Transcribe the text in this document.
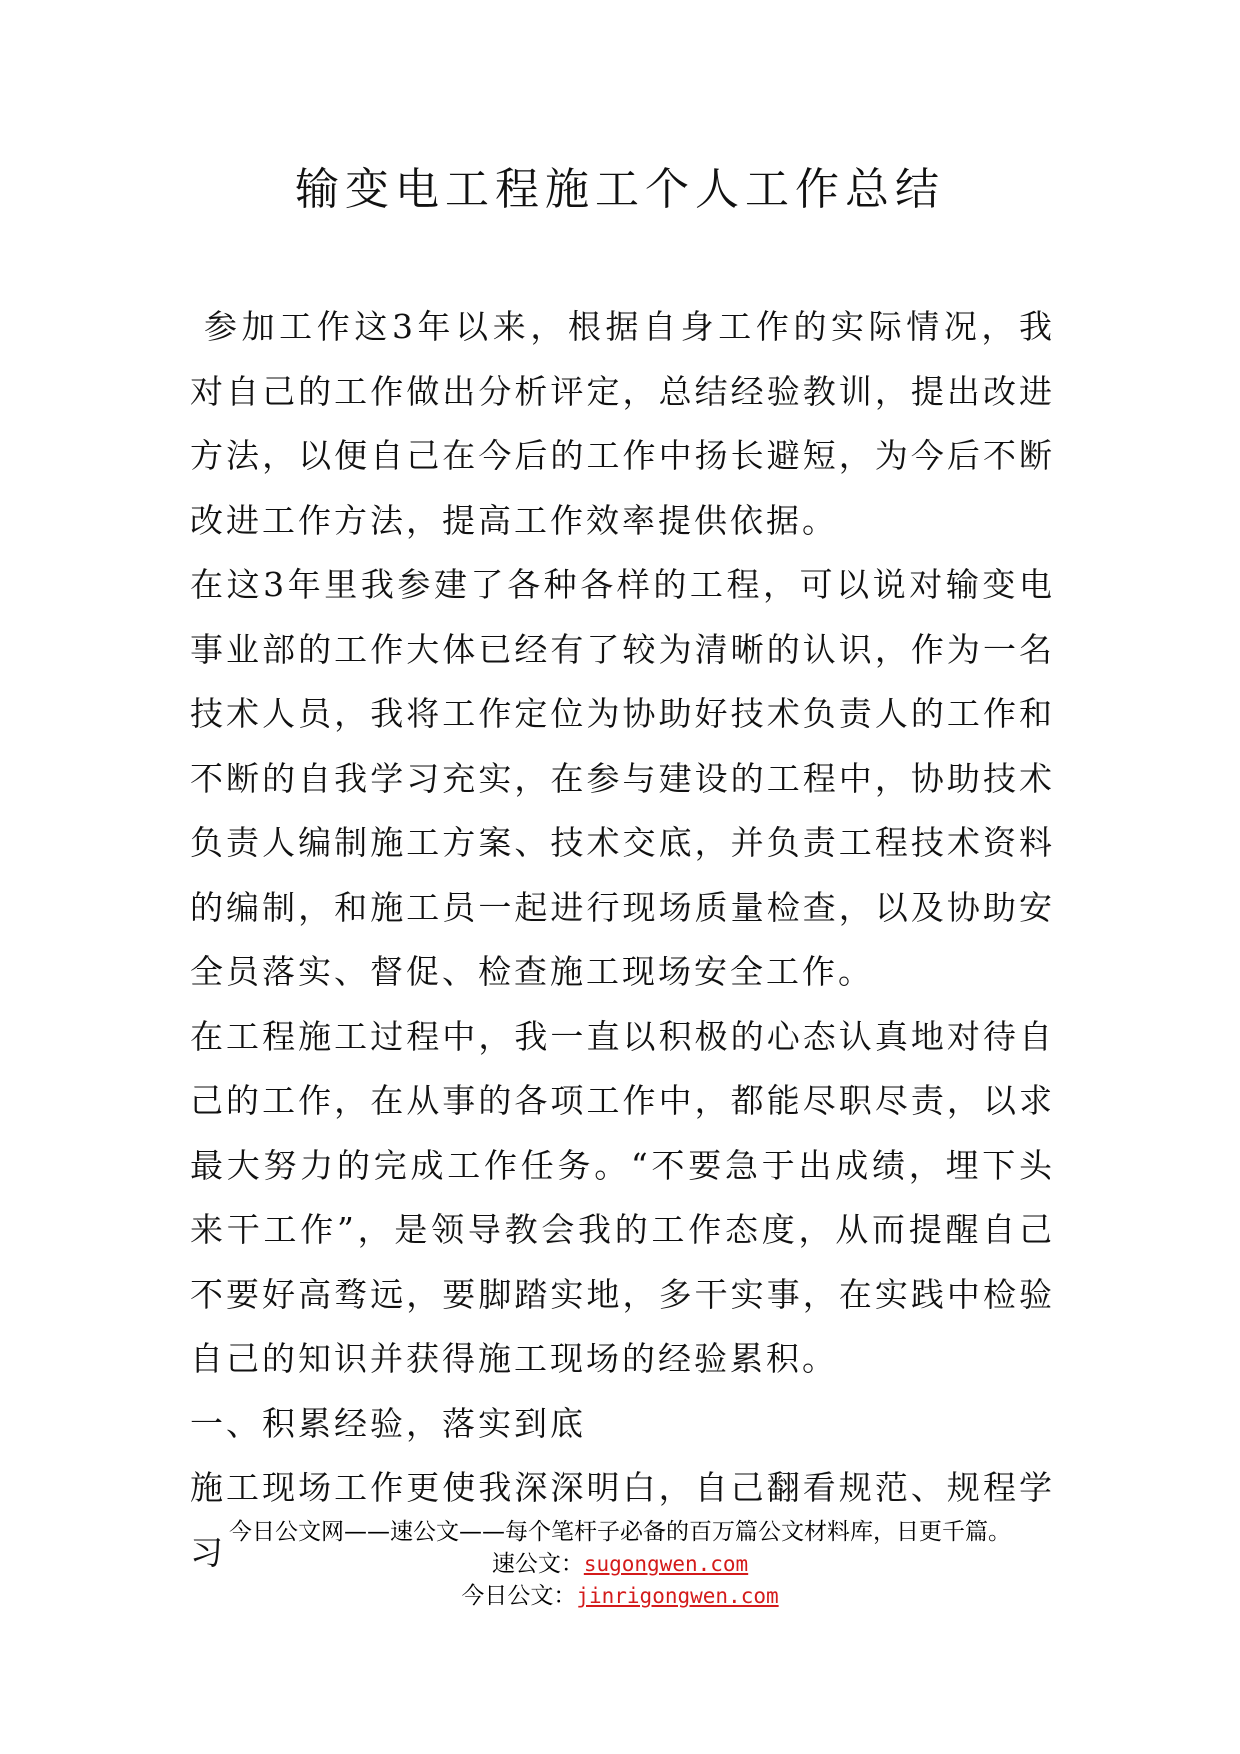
输变电工程施工个人工作总结

参加工作这3年以来，根据自身工作的实际情况，我对自己的工作做出分析评定，总结经验教训，提出改进方法，以便自己在今后的工作中扬长避短，为今后不断改进工作方法，提高工作效率提供依据。

在这3年里我参建了各种各样的工程，可以说对输变电事业部的工作大体已经有了较为清晰的认识，作为一名技术人员，我将工作定位为协助好技术负责人的工作和不断的自我学习充实，在参与建设的工程中，协助技术负责人编制施工方案、技术交底，并负责工程技术资料的编制，和施工员一起进行现场质量检查，以及协助安全员落实、督促、检查施工现场安全工作。

在工程施工过程中，我一直以积极的心态认真地对待自己的工作，在从事的各项工作中，都能尽职尽责，以求最大努力的完成工作任务。“不要急于出成绩，埋下头来干工作”，是领导教会我的工作态度，从而提醒自己不要好高骛远，要脚踏实地，多干实事，在实践中检验自己的知识并获得施工现场的经验累积。

一、积累经验，落实到底

施工现场工作更使我深深明白，自己翻看规范、规程学习

今日公文网——速公文——每个笔杆子必备的百万篇公文材料库，日更千篇。
速公文：sugongwen.com
今日公文：jinrigongwen.com
